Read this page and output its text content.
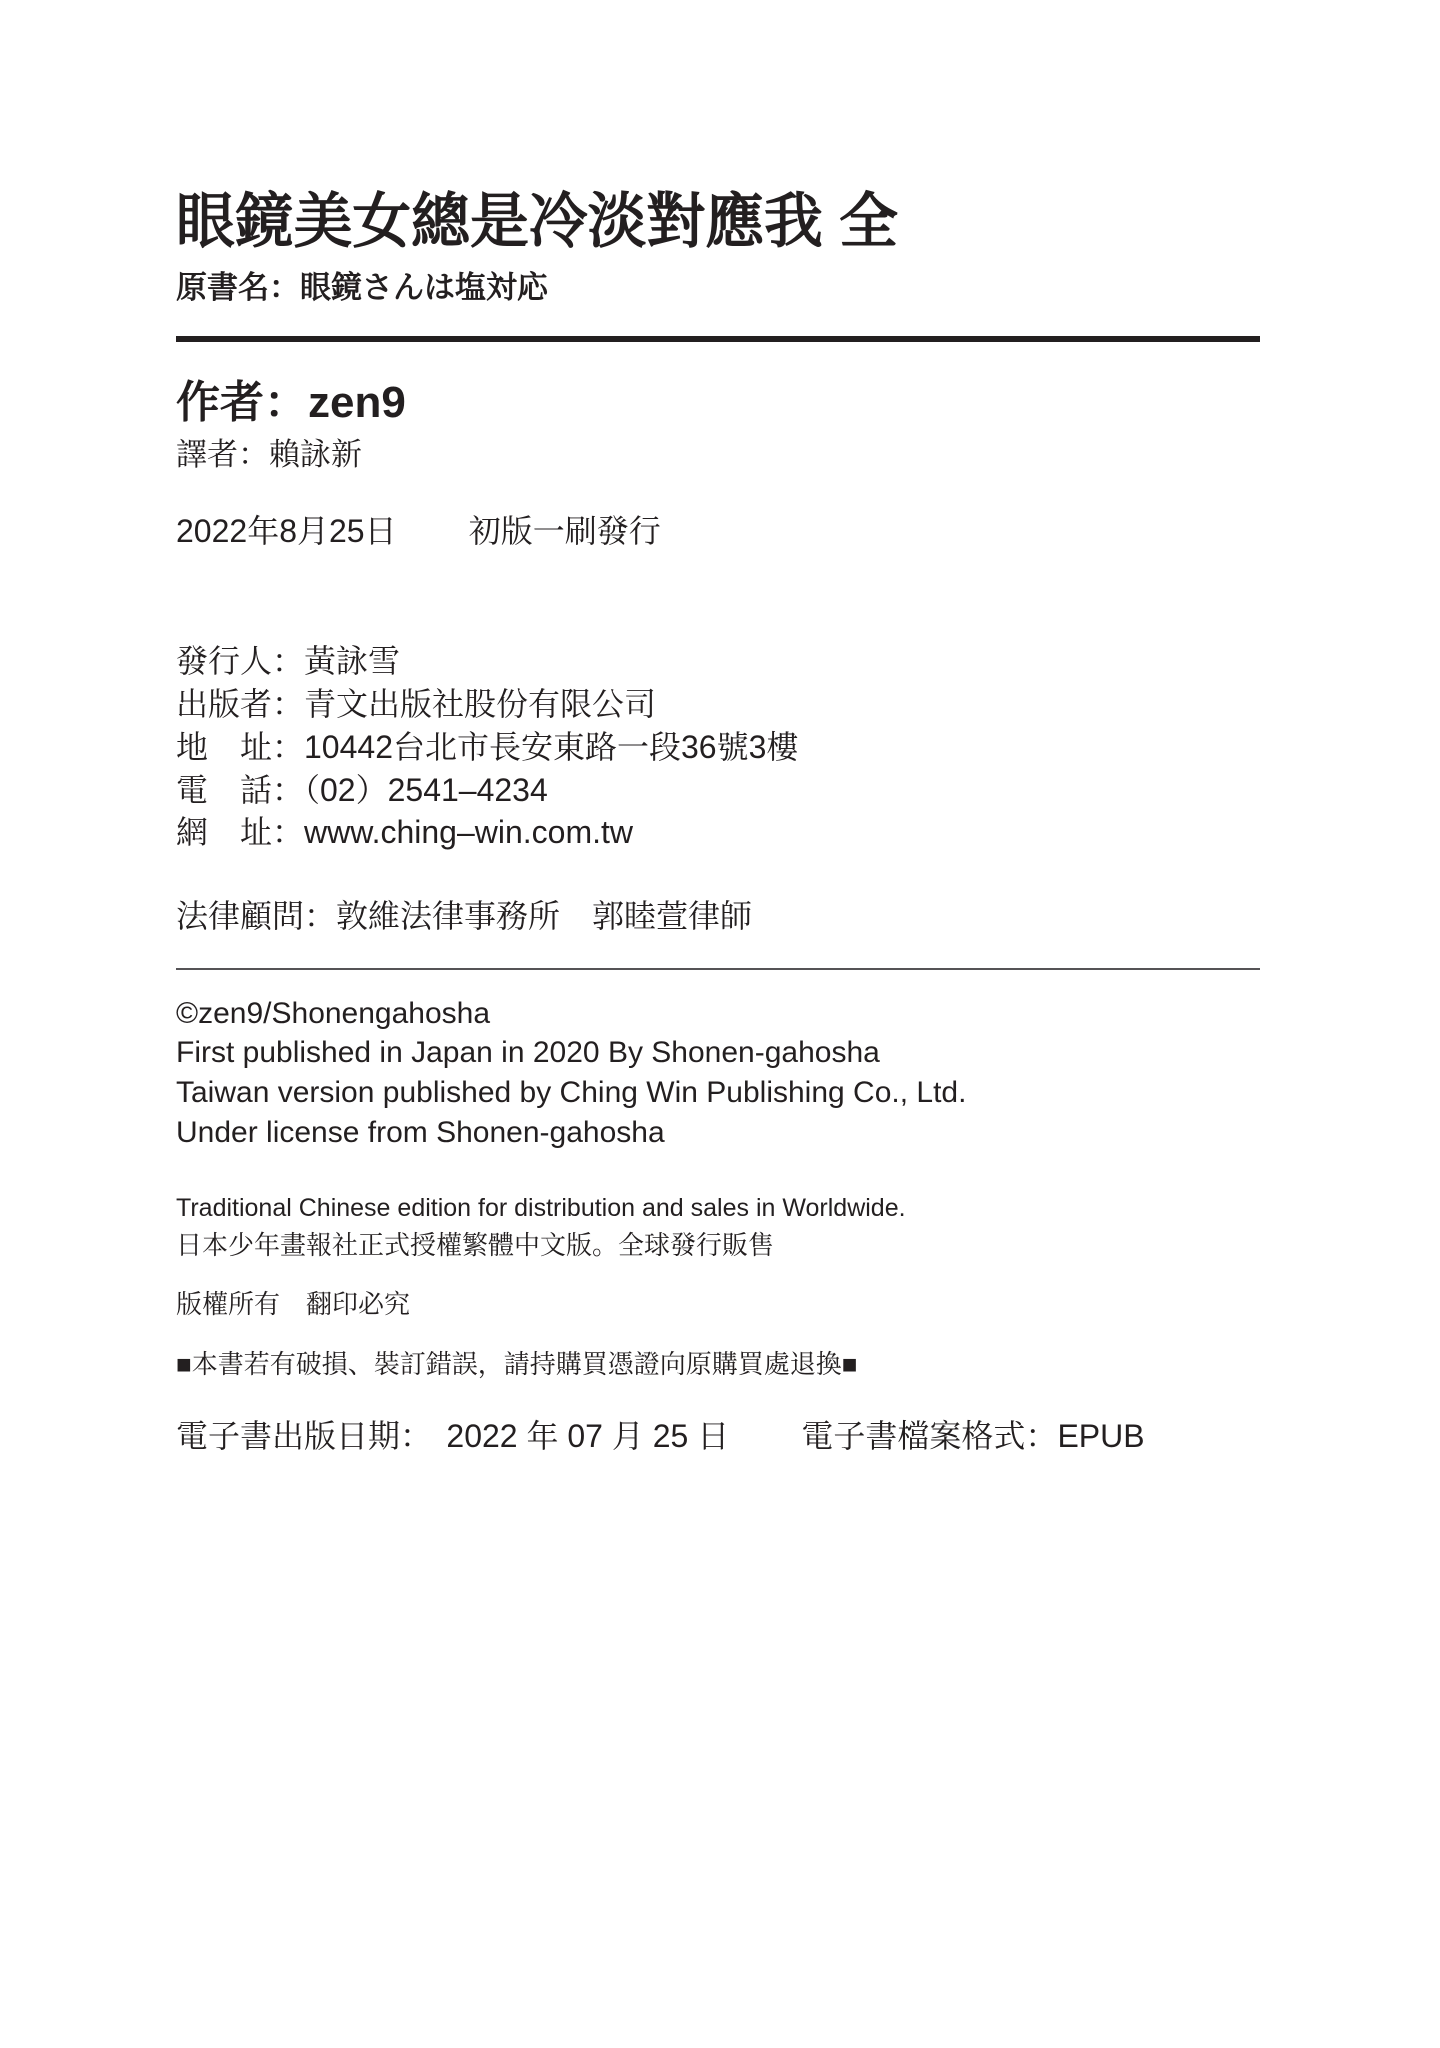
眼鏡美女總是冷淡對應我 全
原書名：眼鏡さんは塩対応
作者：zen9
譯者：賴詠新
2022年8月25日 初版一刷發行
發行人：黃詠雪
出版者：青文出版社股份有限公司
地　址：10442台北市長安東路一段36號3樓
電　話：（02）2541–4234
網　址：www.ching–win.com.tw
法律顧問：敦維法律事務所　郭睦萱律師
©zen9/Shonengahosha
First published in Japan in 2020 By Shonen-gahosha
Taiwan version published by Ching Win Publishing Co., Ltd.
Under license from Shonen-gahosha
Traditional Chinese edition for distribution and sales in Worldwide.
日本少年畫報社正式授權繁體中文版。全球發行販售
版權所有　翻印必究
■本書若有破損、裝訂錯誤，請持購買憑證向原購買處退換■
電子書出版日期： 2022 年 07 月 25 日 電子書檔案格式：EPUB
